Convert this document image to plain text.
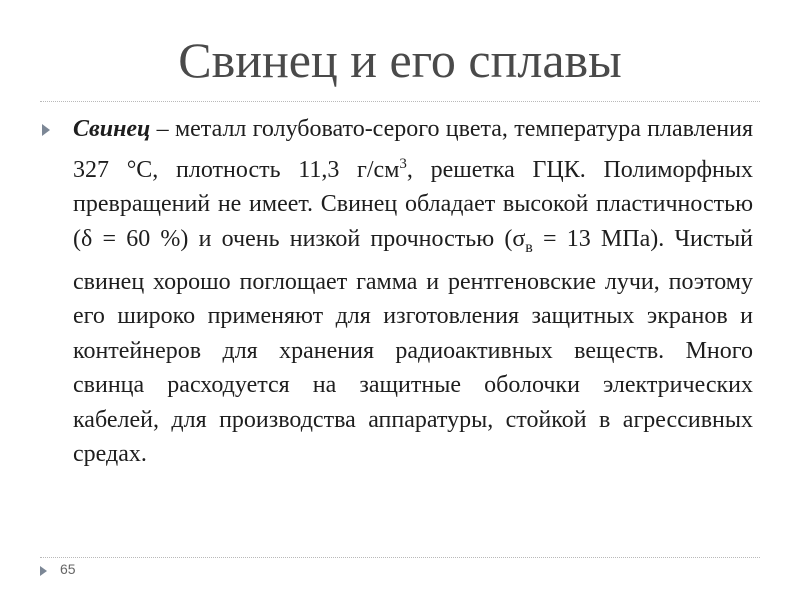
Свинец и его сплавы
Свинец – металл голубовато-серого цвета, температура плавления 327 °С, плотность 11,3 $г/см^3$, решетка ГЦК. Полиморфных превращений не имеет. Свинец обладает высокой пластичностью (δ = 60 %) и очень низкой прочностью ($\sigma_в = 13$ МПа). Чистый свинец хорошо поглощает гамма и рентгеновские лучи, поэтому его широко применяют для изготовления защитных экранов и контейнеров для хранения радиоактивных веществ. Много свинца расходуется на защитные оболочки электрических кабелей, для производства аппаратуры, стойкой в агрессивных средах.
65
